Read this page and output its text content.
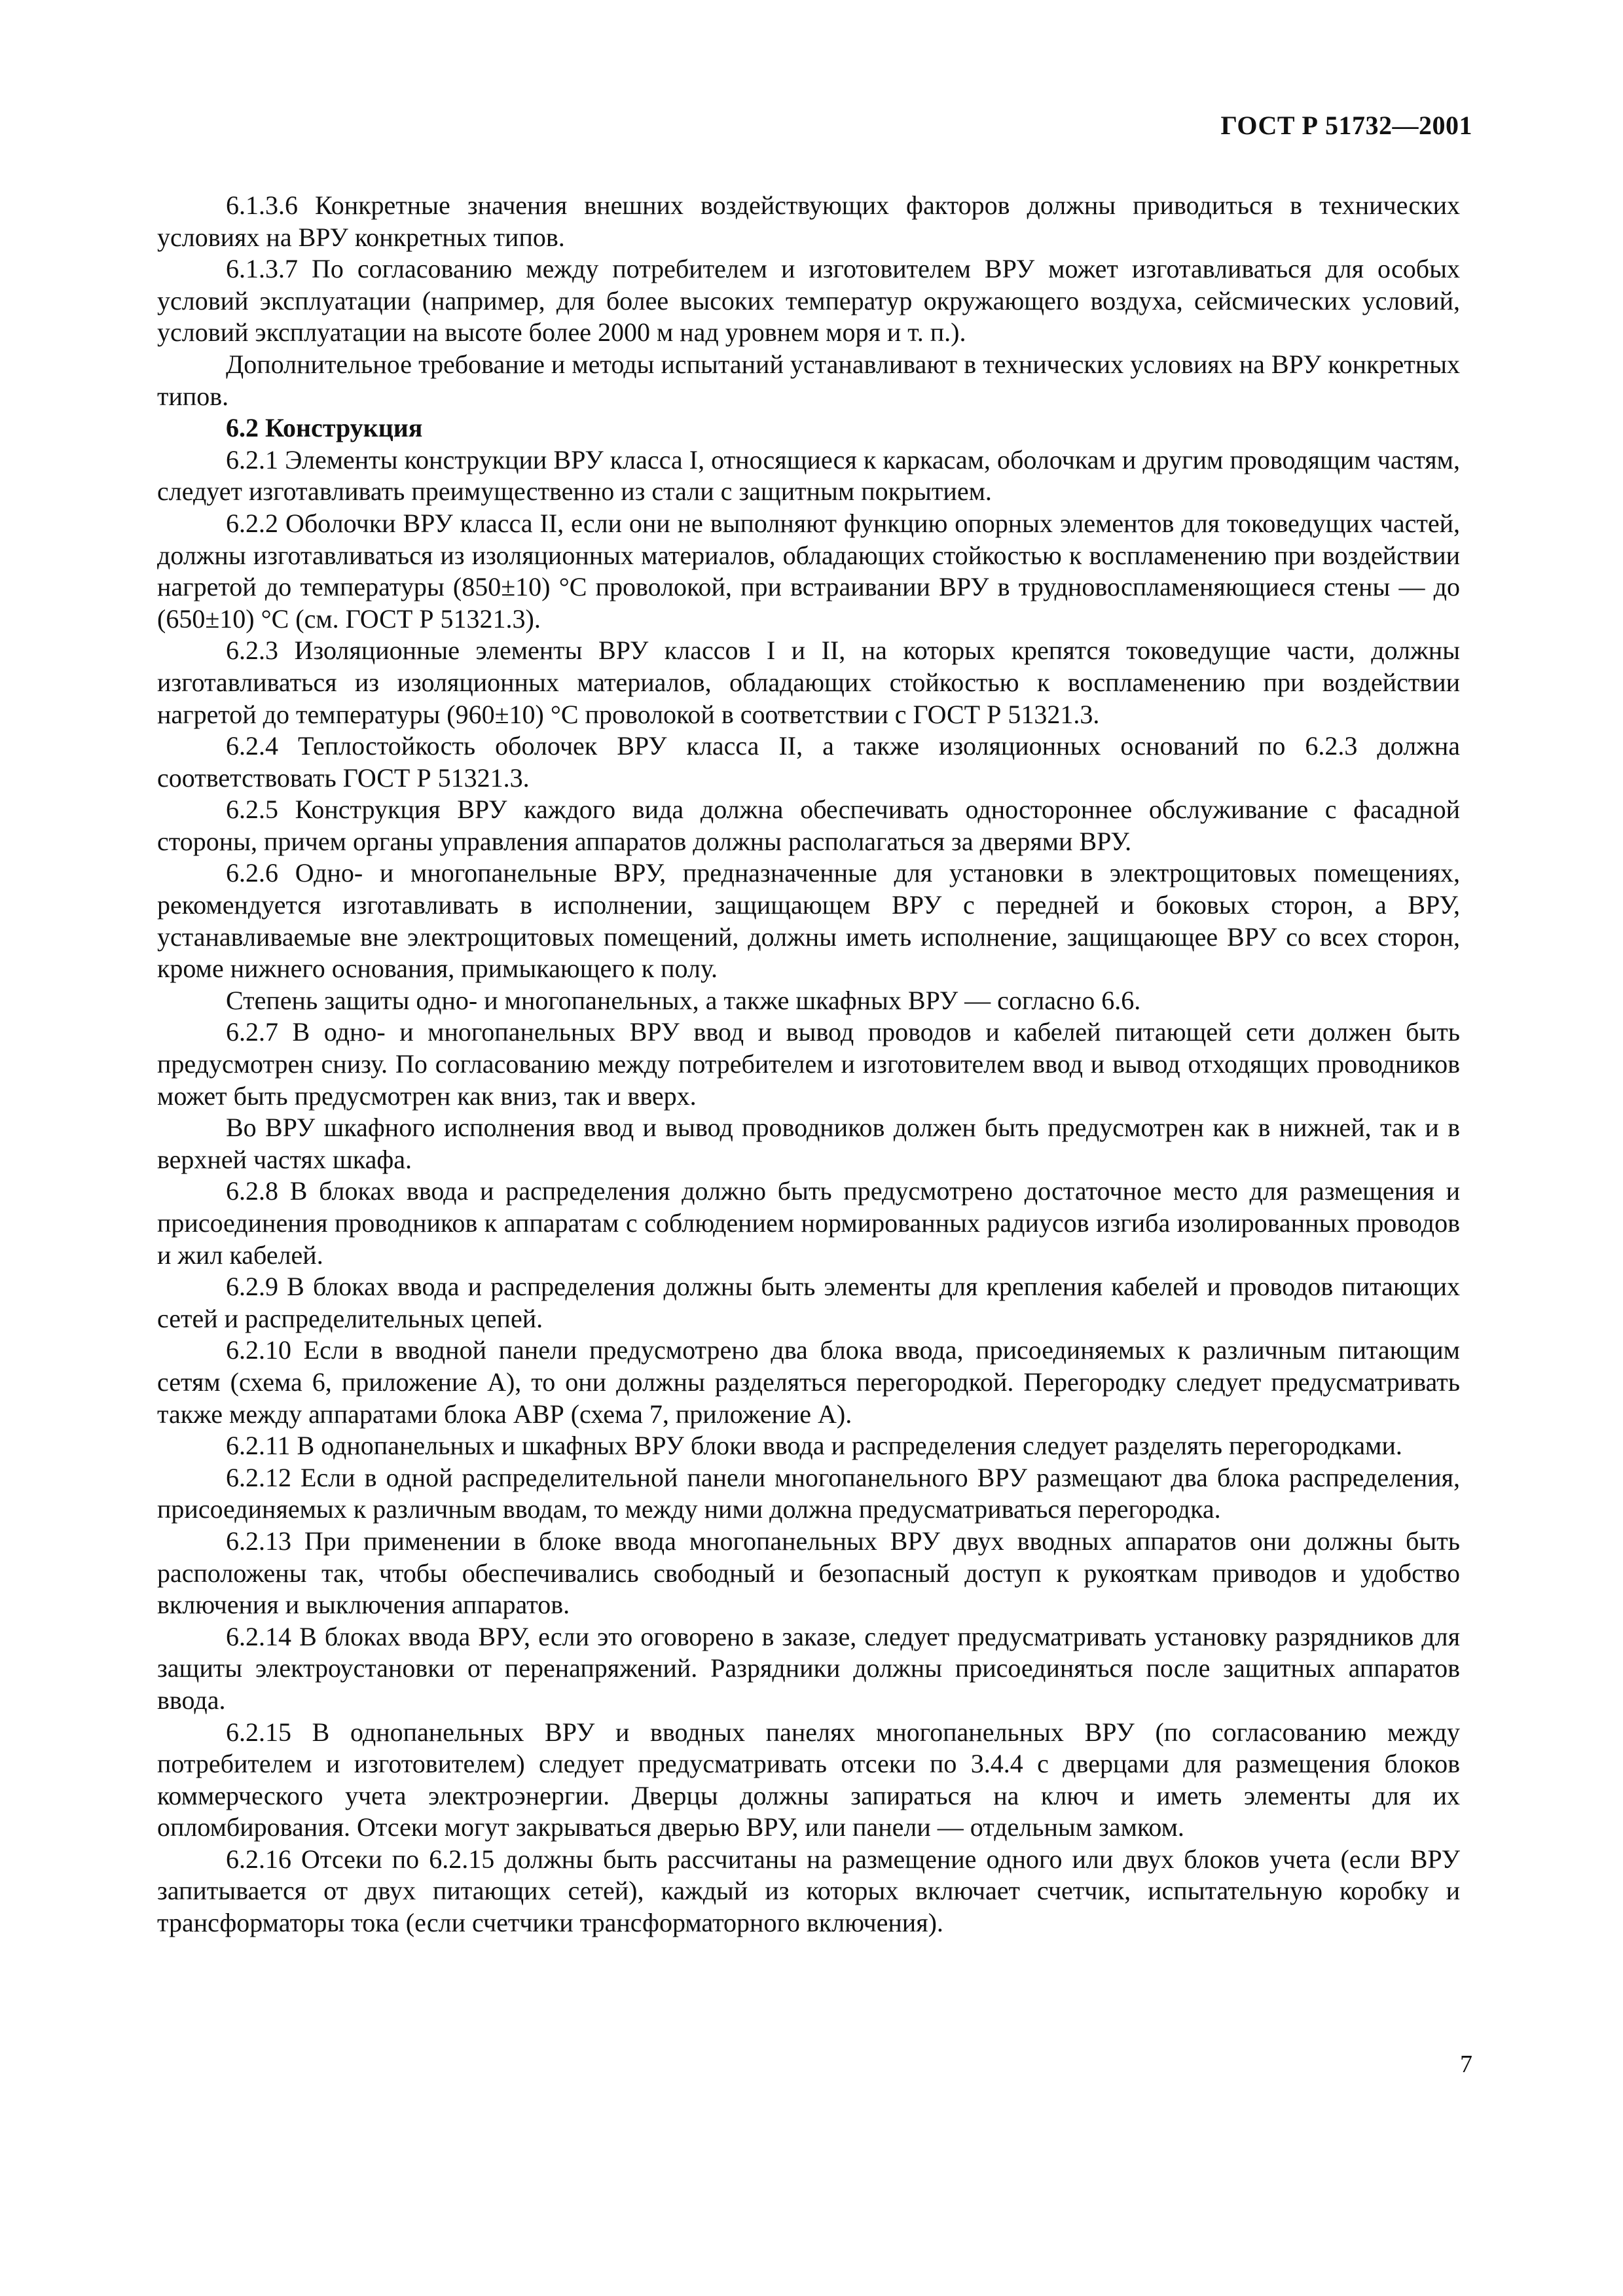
ГОСТ Р 51732—2001

6.1.3.6 Конкретные значения внешних воздействующих факторов должны приводиться в технических условиях на ВРУ конкретных типов.

6.1.3.7 По согласованию между потребителем и изготовителем ВРУ может изготавливаться для особых условий эксплуатации (например, для более высоких температур окружающего воздуха, сейсмических условий, условий эксплуатации на высоте более 2000 м над уровнем моря и т. п.).

Дополнительное требование и методы испытаний устанавливают в технических условиях на ВРУ конкретных типов.

6.2 Конструкция

6.2.1 Элементы конструкции ВРУ класса I, относящиеся к каркасам, оболочкам и другим проводящим частям, следует изготавливать преимущественно из стали с защитным покрытием.

6.2.2 Оболочки ВРУ класса II, если они не выполняют функцию опорных элементов для токоведущих частей, должны изготавливаться из изоляционных материалов, обладающих стойкостью к воспламенению при воздействии нагретой до температуры (850±10) °С проволокой, при встраивании ВРУ в трудновоспламеняющиеся стены — до (650±10) °С (см. ГОСТ Р 51321.3).

6.2.3 Изоляционные элементы ВРУ классов I и II, на которых крепятся токоведущие части, должны изготавливаться из изоляционных материалов, обладающих стойкостью к воспламенению при воздействии нагретой до температуры (960±10) °С проволокой в соответствии с ГОСТ Р 51321.3.

6.2.4 Теплостойкость оболочек ВРУ класса II, а также изоляционных оснований по 6.2.3 должна соответствовать ГОСТ Р 51321.3.

6.2.5 Конструкция ВРУ каждого вида должна обеспечивать одностороннее обслуживание с фасадной стороны, причем органы управления аппаратов должны располагаться за дверями ВРУ.

6.2.6 Одно- и многопанельные ВРУ, предназначенные для установки в электрощитовых помещениях, рекомендуется изготавливать в исполнении, защищающем ВРУ с передней и боковых сторон, а ВРУ, устанавливаемые вне электрощитовых помещений, должны иметь исполнение, защищающее ВРУ со всех сторон, кроме нижнего основания, примыкающего к полу.

Степень защиты одно- и многопанельных, а также шкафных ВРУ — согласно 6.6.

6.2.7 В одно- и многопанельных ВРУ ввод и вывод проводов и кабелей питающей сети должен быть предусмотрен снизу. По согласованию между потребителем и изготовителем ввод и вывод отходящих проводников может быть предусмотрен как вниз, так и вверх.

Во ВРУ шкафного исполнения ввод и вывод проводников должен быть предусмотрен как в нижней, так и в верхней частях шкафа.

6.2.8 В блоках ввода и распределения должно быть предусмотрено достаточное место для размещения и присоединения проводников к аппаратам с соблюдением нормированных радиусов изгиба изолированных проводов и жил кабелей.

6.2.9 В блоках ввода и распределения должны быть элементы для крепления кабелей и проводов питающих сетей и распределительных цепей.

6.2.10 Если в вводной панели предусмотрено два блока ввода, присоединяемых к различным питающим сетям (схема 6, приложение А), то они должны разделяться перегородкой. Перегородку следует предусматривать также между аппаратами блока АВР (схема 7, приложение А).

6.2.11 В однопанельных и шкафных ВРУ блоки ввода и распределения следует разделять перегородками.

6.2.12 Если в одной распределительной панели многопанельного ВРУ размещают два блока распределения, присоединяемых к различным вводам, то между ними должна предусматриваться перегородка.

6.2.13 При применении в блоке ввода многопанельных ВРУ двух вводных аппаратов они должны быть расположены так, чтобы обеспечивались свободный и безопасный доступ к рукояткам приводов и удобство включения и выключения аппаратов.

6.2.14 В блоках ввода ВРУ, если это оговорено в заказе, следует предусматривать установку разрядников для защиты электроустановки от перенапряжений. Разрядники должны присоединяться после защитных аппаратов ввода.

6.2.15 В однопанельных ВРУ и вводных панелях многопанельных ВРУ (по согласованию между потребителем и изготовителем) следует предусматривать отсеки по 3.4.4 с дверцами для размещения блоков коммерческого учета электроэнергии. Дверцы должны запираться на ключ и иметь элементы для их опломбирования. Отсеки могут закрываться дверью ВРУ, или панели — отдельным замком.

6.2.16 Отсеки по 6.2.15 должны быть рассчитаны на размещение одного или двух блоков учета (если ВРУ запитывается от двух питающих сетей), каждый из которых включает счетчик, испытательную коробку и трансформаторы тока (если счетчики трансформаторного включения).

7
